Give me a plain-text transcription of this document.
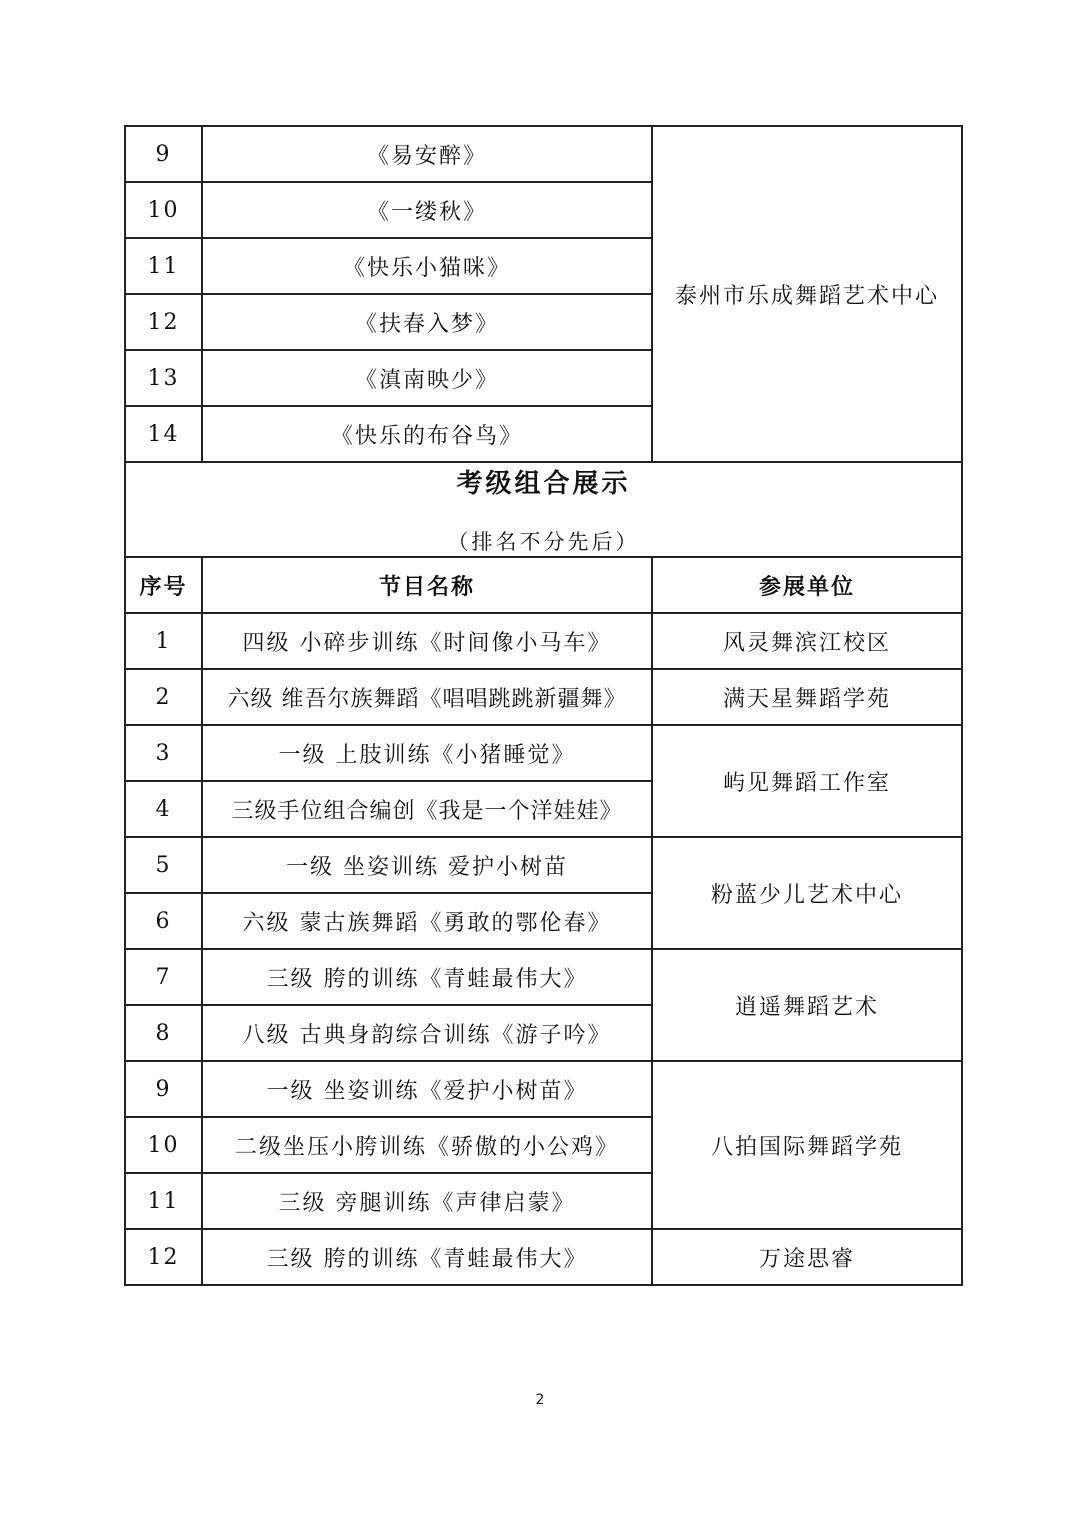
9	《易安醉》	泰州市乐成舞蹈艺术中心
10	《一缕秋》	
11	《快乐小猫咪》	
12	《扶春入梦》	
13	《滇南映少》	
14	《快乐的布谷鸟》	

考级组合展示
（排名不分先后）		

序号	节目名称	参展单位
1	四级 小碎步训练《时间像小马车》	风灵舞滨江校区
2	六级 维吾尔族舞蹈《唱唱跳跳新疆舞》	满天星舞蹈学苑
3	一级 上肢训练《小猪睡觉》	屿见舞蹈工作室
4	三级手位组合编创《我是一个洋娃娃》	
5	一级 坐姿训练 爱护小树苗	粉蓝少儿艺术中心
6	六级 蒙古族舞蹈《勇敢的鄂伦春》	
7	三级 胯的训练《青蛙最伟大》	逍遥舞蹈艺术
8	八级 古典身韵综合训练《游子吟》	
9	一级 坐姿训练《爱护小树苗》	八拍国际舞蹈学苑
10	二级坐压小胯训练《骄傲的小公鸡》	
11	三级 旁腿训练《声律启蒙》	
12	三级 胯的训练《青蛙最伟大》	万途思睿
2
